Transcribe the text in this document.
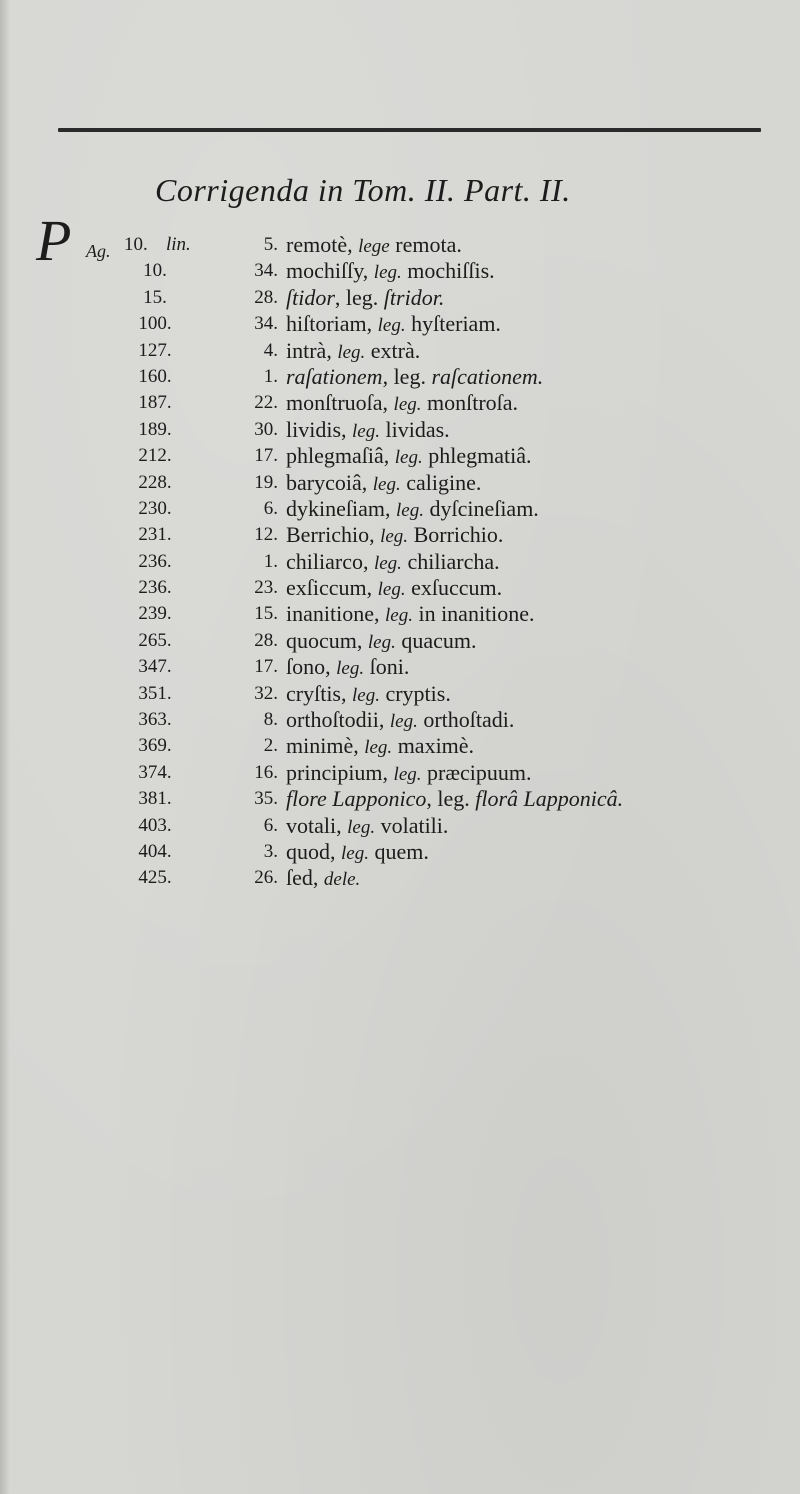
Corrigenda in Tom. II. Part. II.
P Ag. 10. lin.	5. remotè, lege remota.
10.	34. mochiſſy, leg. mochiſſis.
15.	28. ſtidor, leg. ſtridor.
100.	34. hiſtoriam, leg. hyſteriam.
127.	4. intrà, leg. extrà.
160.	1. raſationem, leg. raſcationem.
187.	22. monſtruoſa, leg. monſtroſa.
189.	30. lividis, leg. lividas.
212.	17. phlegmaſiâ, leg. phlegmatiâ.
228.	19. barycoiâ, leg. caligine.
230.	6. dykineſiam, leg. dyſcineſiam.
231.	12. Berrichio, leg. Borrichio.
236.	1. chiliarco, leg. chiliarcha.
236.	23. exſiccum, leg. exſuccum.
239.	15. inanitione, leg. in inanitione.
265.	28. quocum, leg. quacum.
347.	17. ſono, leg. ſoni.
351.	32. cryſtis, leg. cryptis.
363.	8. orthoſtodii, leg. orthoſtadi.
369.	2. minimè, leg. maximè.
374.	16. principium, leg. præcipuum.
381.	35. flore Lapponico, leg. florâ Lapponicâ.
403.	6. votali, leg. volatili.
404.	3. quod, leg. quem.
425.	26. ſed, dele.
